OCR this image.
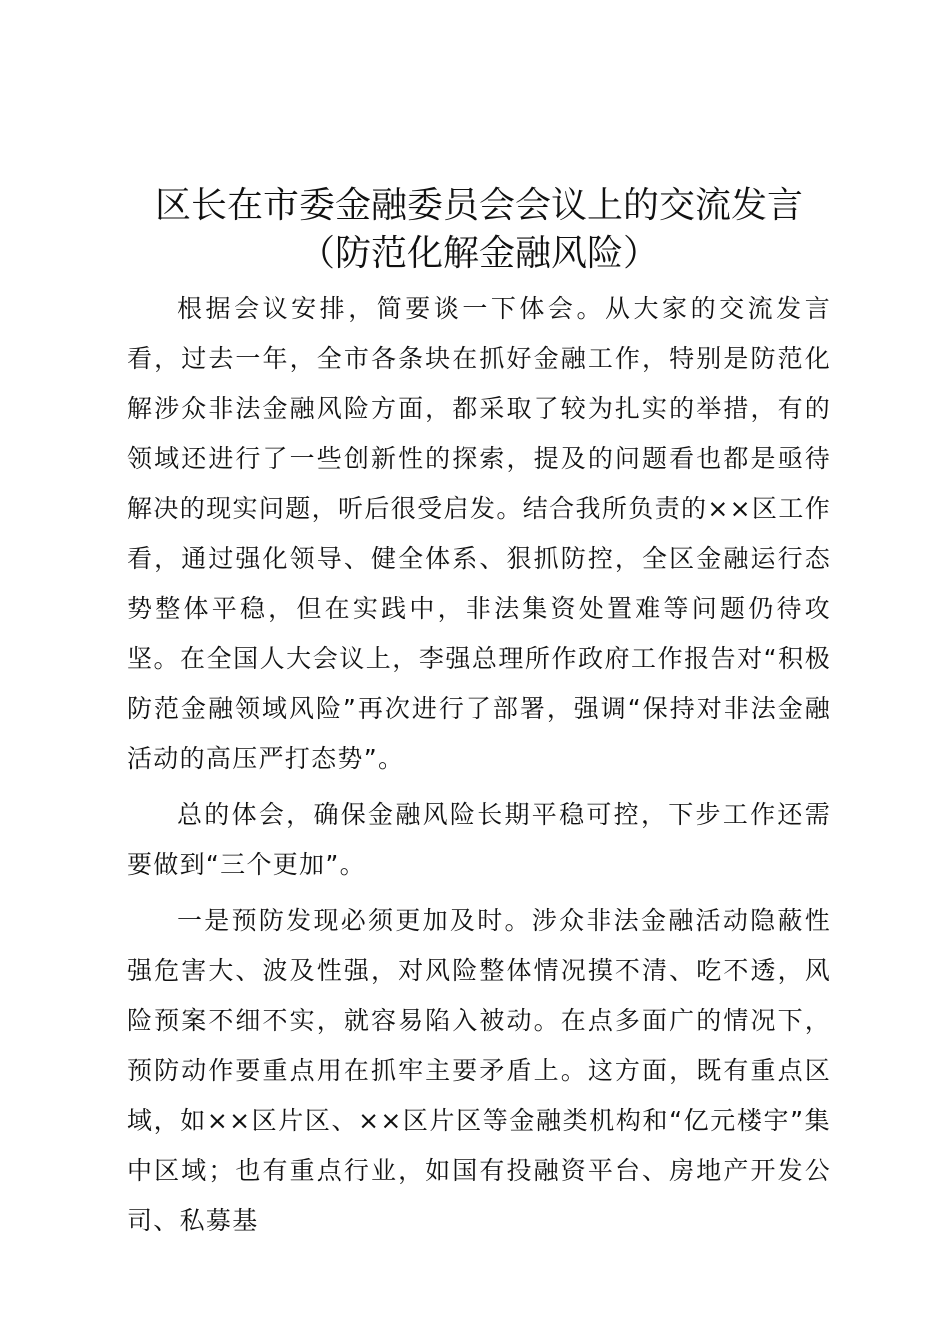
区长在市委金融委员会会议上的交流发言（防范化解金融风险）

根据会议安排，简要谈一下体会。从大家的交流发言看，过去一年，全市各条块在抓好金融工作，特别是防范化解涉众非法金融风险方面，都采取了较为扎实的举措，有的领域还进行了一些创新性的探索，提及的问题看也都是亟待解决的现实问题，听后很受启发。结合我所负责的××区工作看，通过强化领导、健全体系、狠抓防控，全区金融运行态势整体平稳，但在实践中，非法集资处置难等问题仍待攻坚。在全国人大会议上，李强总理所作政府工作报告对“积极防范金融领域风险”再次进行了部署，强调“保持对非法金融活动的高压严打态势”。

总的体会，确保金融风险长期平稳可控，下步工作还需要做到“三个更加”。

一是预防发现必须更加及时。涉众非法金融活动隐蔽性强危害大、波及性强，对风险整体情况摸不清、吃不透，风险预案不细不实，就容易陷入被动。在点多面广的情况下，预防动作要重点用在抓牢主要矛盾上。这方面，既有重点区域，如××区片区、××区片区等金融类机构和“亿元楼宇”集中区域；也有重点行业，如国有投融资平台、房地产开发公司、私募基
